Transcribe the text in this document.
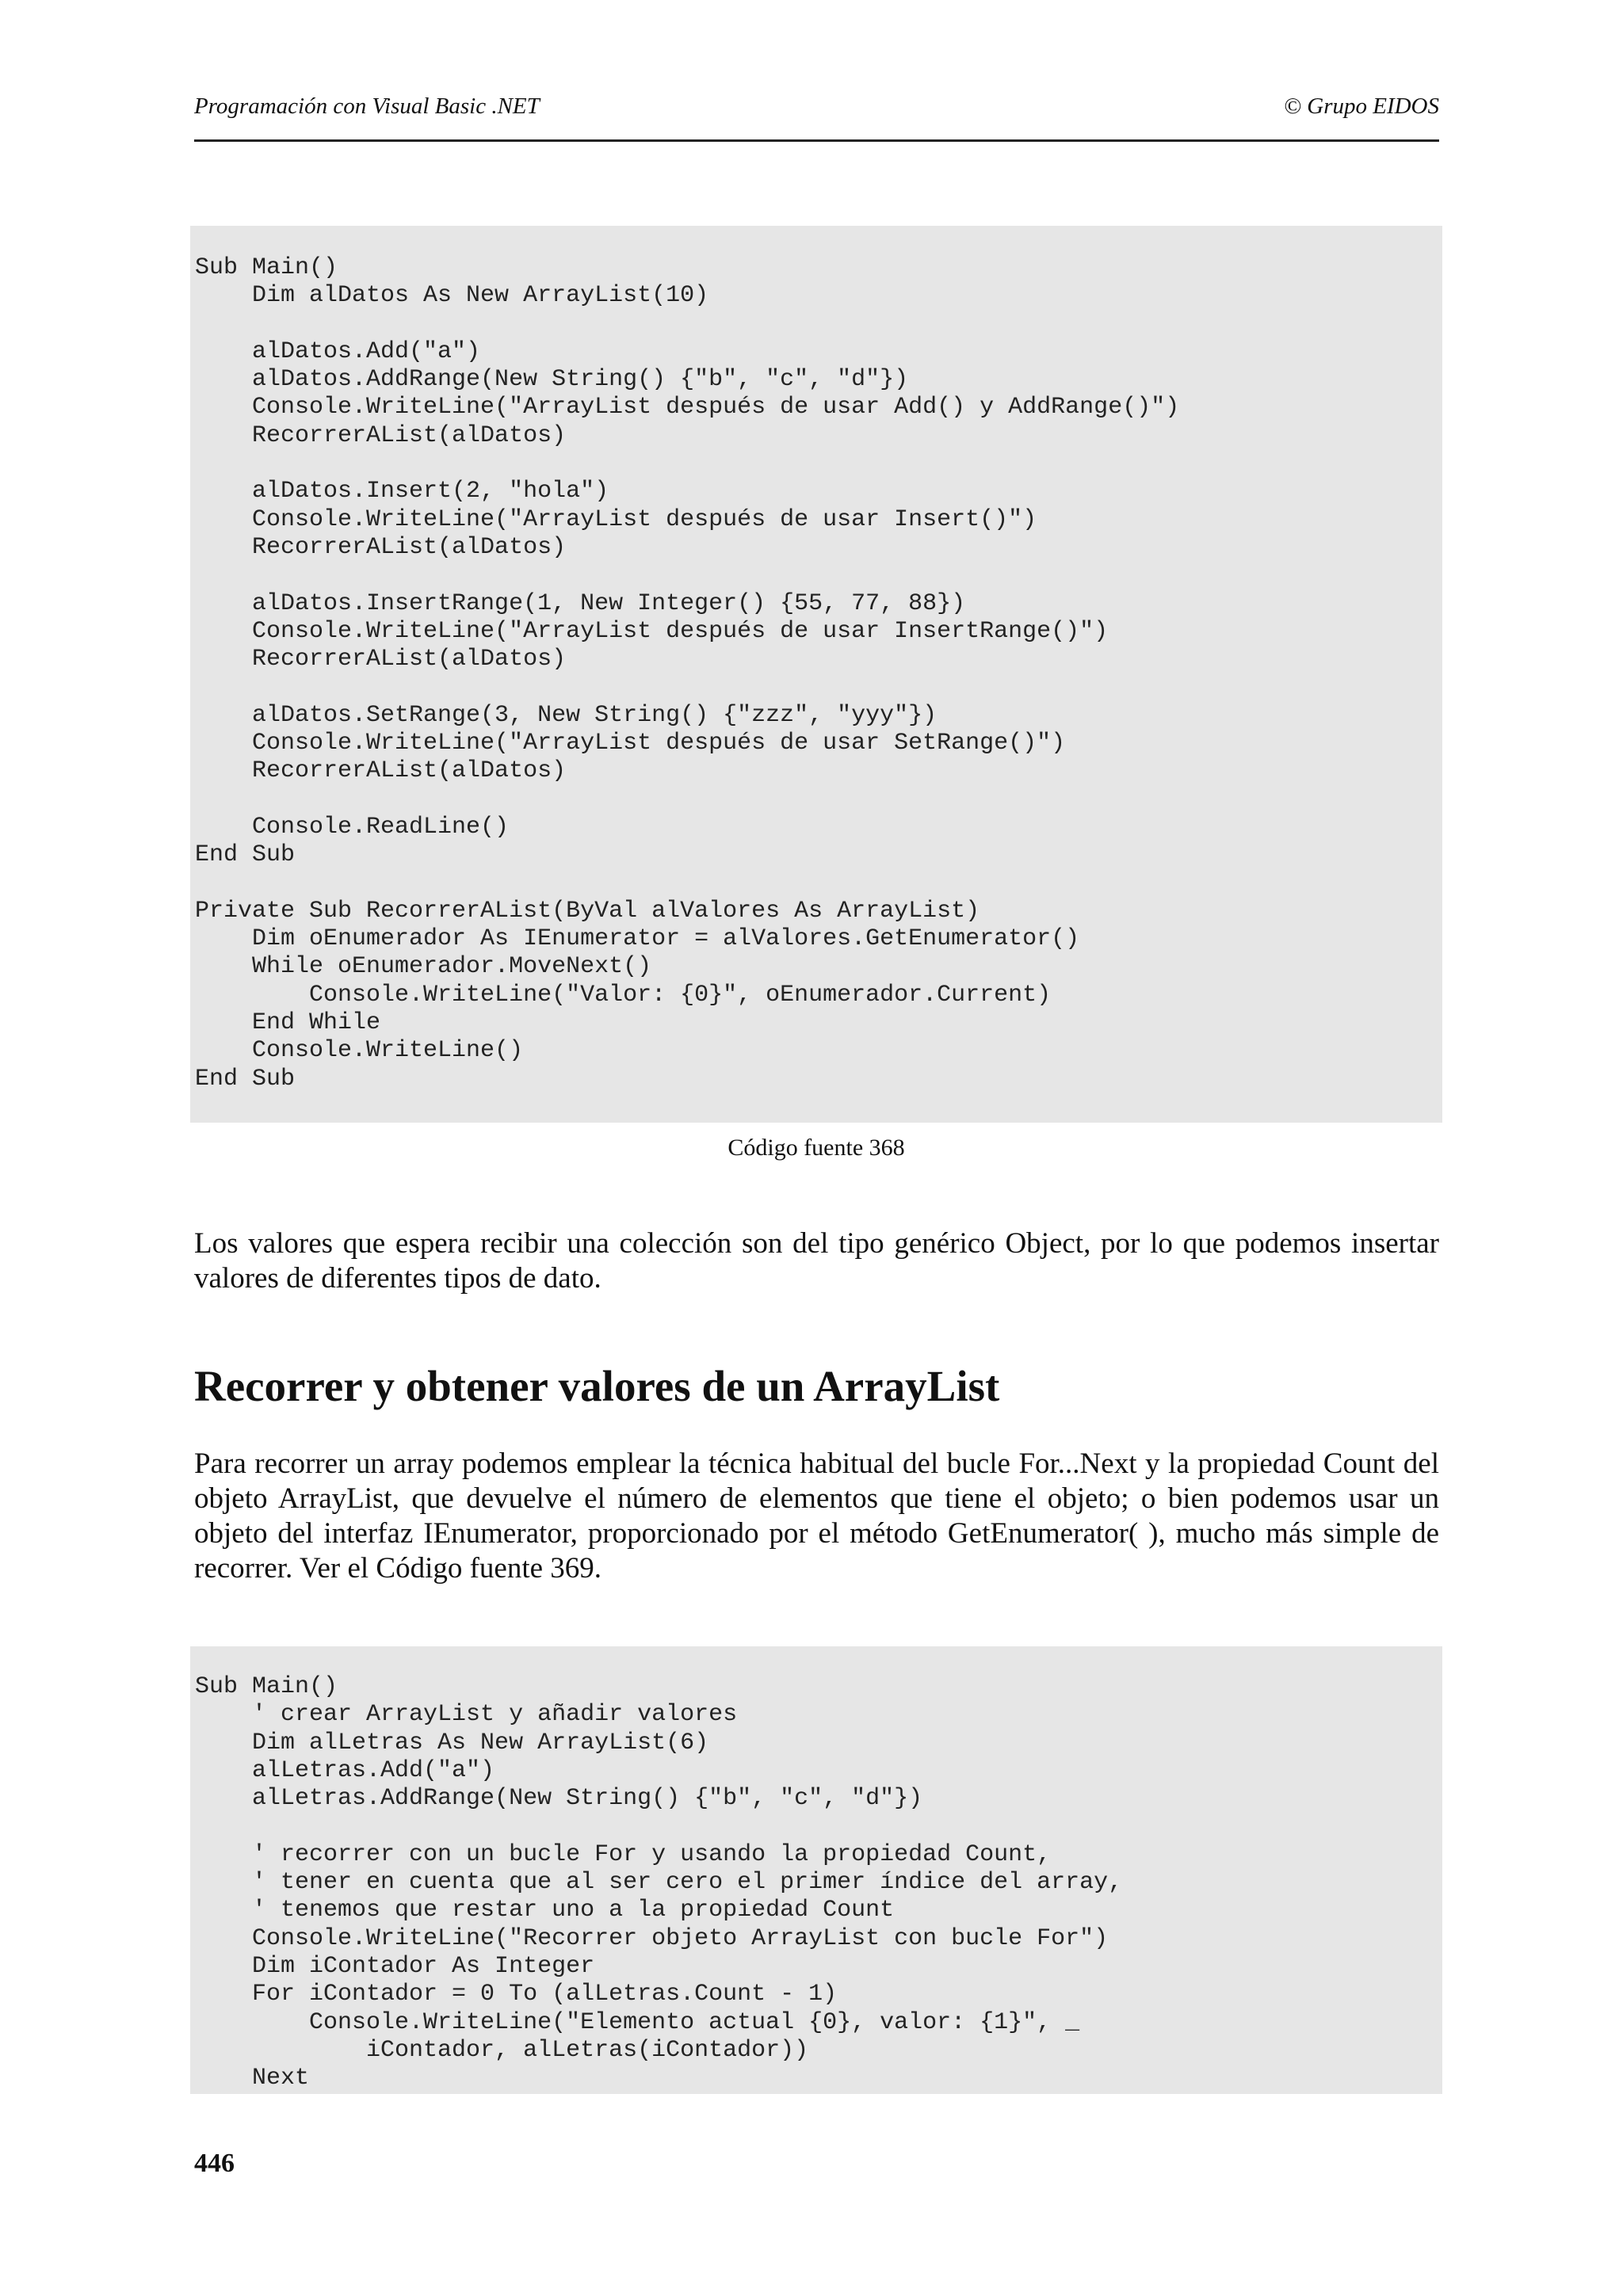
Programación con Visual Basic .NET	© Grupo EIDOS
Sub Main()
Dim alDatos As New ArrayList(10)
alDatos.Add("a")
alDatos.AddRange(New String() {"b", "c", "d"})
Console.WriteLine("ArrayList después de usar Add() y AddRange()")
RecorrerAList(alDatos)
alDatos.Insert(2, "hola")
Console.WriteLine("ArrayList después de usar Insert()")
RecorrerAList(alDatos)
alDatos.InsertRange(1, New Integer() {55, 77, 88})
Console.WriteLine("ArrayList después de usar InsertRange()")
RecorrerAList(alDatos)
alDatos.SetRange(3, New String() {"zzz", "yyy"})
Console.WriteLine("ArrayList después de usar SetRange()")
RecorrerAList(alDatos)
Console.ReadLine()
End Sub
Private Sub RecorrerAList(ByVal alValores As ArrayList)
Dim oEnumerador As IEnumerator = alValores.GetEnumerator()
While oEnumerador.MoveNext()
Console.WriteLine("Valor: {0}", oEnumerador.Current)
End While
Console.WriteLine()
End Sub
Código fuente 368
Los valores que espera recibir una colección son del tipo genérico Object, por lo que podemos insertar valores de diferentes tipos de dato.
Recorrer y obtener valores de un ArrayList
Para recorrer un array podemos emplear la técnica habitual del bucle For...Next y la propiedad Count del objeto ArrayList, que devuelve el número de elementos que tiene el objeto; o bien podemos usar un objeto del interfaz IEnumerator, proporcionado por el método GetEnumerator( ), mucho más simple de recorrer. Ver el Código fuente 369.
Sub Main()
' crear ArrayList y añadir valores
Dim alLetras As New ArrayList(6)
alLetras.Add("a")
alLetras.AddRange(New String() {"b", "c", "d"})
' recorrer con un bucle For y usando la propiedad Count,
' tener en cuenta que al ser cero el primer índice del array,
' tenemos que restar uno a la propiedad Count
Console.WriteLine("Recorrer objeto ArrayList con bucle For")
Dim iContador As Integer
For iContador = 0 To (alLetras.Count - 1)
Console.WriteLine("Elemento actual {0}, valor: {1}", _
iContador, alLetras(iContador))
Next
446
